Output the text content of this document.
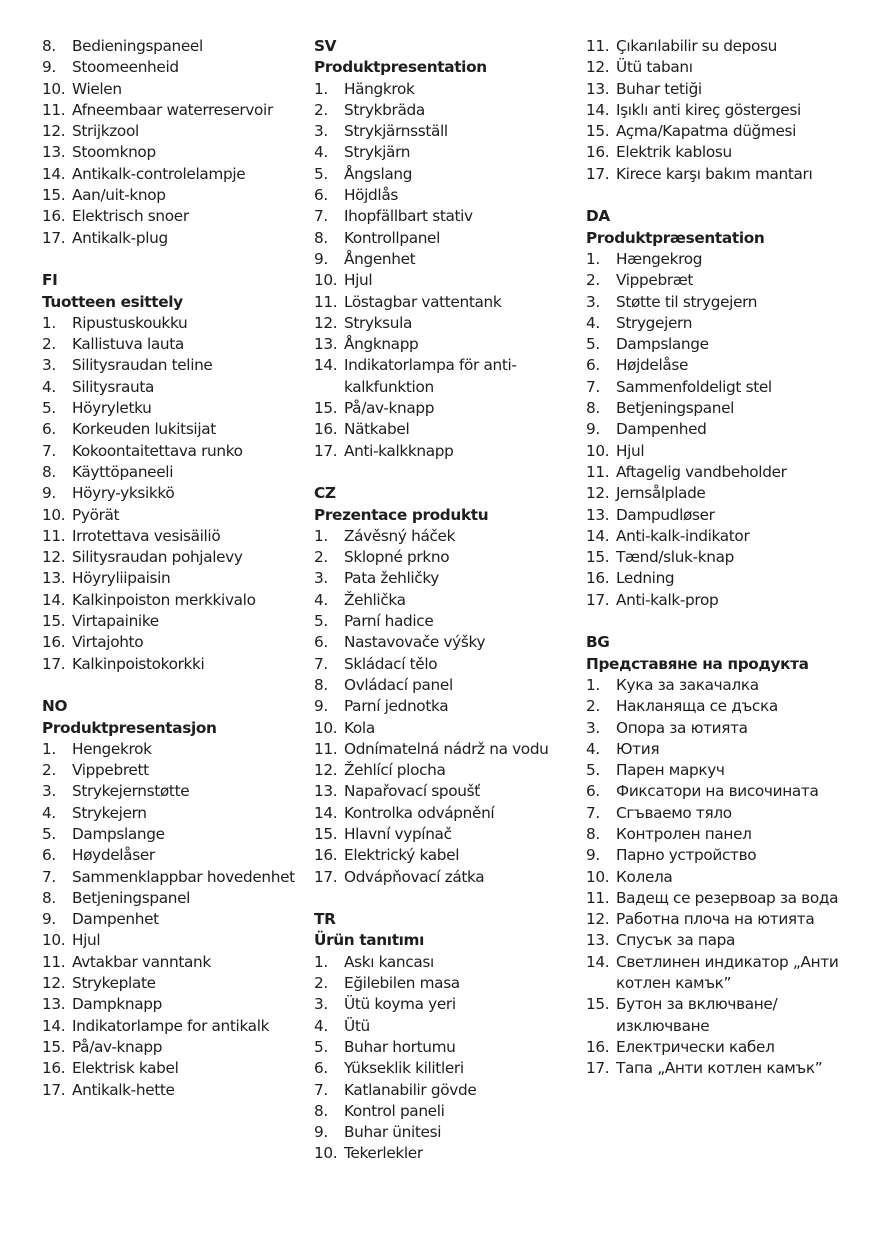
8. Bedieningspaneel
9. Stoomeenheid
10. Wielen
11. Afneembaar waterreservoir
12. Strijkzool
13. Stoomknop
14. Antikalk-controlelampje
15. Aan/uit-knop
16. Elektrisch snoer
17. Antikalk-plug
FI
Tuotteen esittely
1. Ripustuskoukku
2. Kallistuva lauta
3. Silitysraudan teline
4. Silitysrauta
5. Höyryletku
6. Korkeuden lukitsijat
7. Kokoontaitettava runko
8. Käyttöpaneeli
9. Höyry-yksikkö
10. Pyörät
11. Irrotettava vesisäiliö
12. Silitysraudan pohjalevy
13. Höyryliipaisin
14. Kalkinpoiston merkkivalo
15. Virtapainike
16. Virtajohto
17. Kalkinpoistokorkki
NO
Produktpresentasjon
1. Hengekrok
2. Vippebrett
3. Strykejernstøtte
4. Strykejern
5. Dampslange
6. Høydelåser
7. Sammenklappbar hovedenhet
8. Betjeningspanel
9. Dampenhet
10. Hjul
11. Avtakbar vanntank
12. Strykeplate
13. Dampknapp
14. Indikatorlampe for antikalk
15. På/av-knapp
16. Elektrisk kabel
17. Antikalk-hette
SV
Produktpresentation
1. Hängkrok
2. Strykbräda
3. Strykjärnsställ
4. Strykjärn
5. Ångslang
6. Höjdlås
7. Ihopfällbart stativ
8. Kontrollpanel
9. Ångenhet
10. Hjul
11. Löstagbar vattentank
12. Stryksula
13. Ångknapp
14. Indikatorlampa för anti-kalkfunktion
15. På/av-knapp
16. Nätkabel
17. Anti-kalkknapp
CZ
Prezentace produktu
1. Závěsný háček
2. Sklopné prkno
3. Pata žehličky
4. Žehlička
5. Parní hadice
6. Nastavovače výšky
7. Skládací tělo
8. Ovládací panel
9. Parní jednotka
10. Kola
11. Odnímatelná nádrž na vodu
12. Žehlící plocha
13. Napařovací spoušť
14. Kontrolka odvápnění
15. Hlavní vypínač
16. Elektrický kabel
17. Odvápňovací zátka
TR
Ürün tanıtımı
1. Askı kancası
2. Eğilebilen masa
3. Ütü koyma yeri
4. Ütü
5. Buhar hortumu
6. Yükseklik kilitleri
7. Katlanabilir gövde
8. Kontrol paneli
9. Buhar ünitesi
10. Tekerlekler
11. Çıkarılabilir su deposu
12. Ütü tabanı
13. Buhar tetiği
14. Işıklı anti kireç göstergesi
15. Açma/Kapatma düğmesi
16. Elektrik kablosu
17. Kirece karşı bakım mantarı
DA
Produktpræsentation
1. Hængekrog
2. Vippebræt
3. Støtte til strygejern
4. Strygejern
5. Dampslange
6. Højdelåse
7. Sammenfoldeligt stel
8. Betjeningspanel
9. Dampenhed
10. Hjul
11. Aftagelig vandbeholder
12. Jernsålplade
13. Dampudløser
14. Anti-kalk-indikator
15. Tænd/sluk-knap
16. Ledning
17. Anti-kalk-prop
BG
Представяне на продукта
1. Кука за закачалка
2. Накланяща се дъска
3. Опора за ютията
4. Ютия
5. Парен маркуч
6. Фиксатори на височината
7. Сгъваемо тяло
8. Контролен панел
9. Парно устройство
10. Колела
11. Вадещ се резервоар за вода
12. Работна плоча на ютията
13. Спусък за пара
14. Светлинен индикатор „Анти котлен камък”
15. Бутон за включване/ изключване
16. Електрически кабел
17. Тапа „Анти котлен камък”
